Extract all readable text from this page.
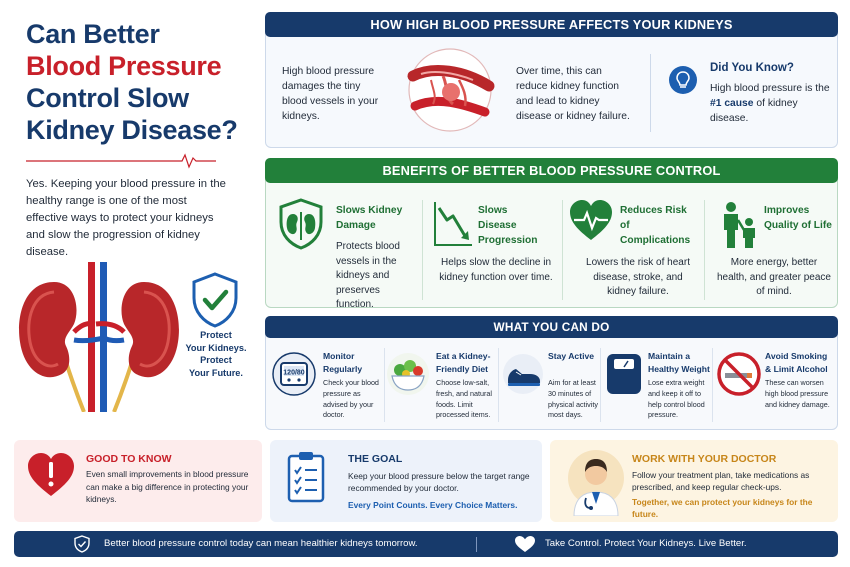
Can Better
Blood Pressure
Control Slow
Kidney Disease?
Yes. Keeping your blood pressure in the healthy range is one of the most effective ways to protect your kidneys and slow the progression of kidney disease.
Protect
Your Kidneys.
Protect
Your Future.
HOW HIGH BLOOD PRESSURE AFFECTS YOUR KIDNEYS
High blood pressure damages the tiny blood vessels in your kidneys.
Over time, this can reduce kidney function and lead to kidney disease or kidney failure.
Did You Know?
High blood pressure is the #1 cause of kidney disease.
BENEFITS OF BETTER BLOOD PRESSURE CONTROL
Slows Kidney Damage
Protects blood vessels in the kidneys and preserves function.
Slows Disease Progression
Helps slow the decline in kidney function over time.
Reduces Risk of Complications
Lowers the risk of heart disease, stroke, and kidney failure.
Improves Quality of Life
More energy, better health, and greater peace of mind.
WHAT YOU CAN DO
120/80
Monitor Regularly
Check your blood pressure as advised by your doctor.
Eat a Kidney-Friendly Diet
Choose low-salt, fresh, and natural foods. Limit processed items.
Stay Active
Aim for at least 30 minutes of physical activity most days.
Maintain a Healthy Weight
Lose extra weight and keep it off to help control blood pressure.
Avoid Smoking & Limit Alcohol
These can worsen high blood pressure and kidney damage.
GOOD TO KNOW
Even small improvements in blood pressure can make a big difference in protecting your kidneys.
THE GOAL
Keep your blood pressure below the target range recommended by your doctor.
Every Point Counts. Every Choice Matters.
WORK WITH YOUR DOCTOR
Follow your treatment plan, take medications as prescribed, and keep regular check-ups.
Together, we can protect your kidneys for the future.
Better blood pressure control today can mean healthier kidneys tomorrow.	Take Control. Protect Your Kidneys. Live Better.
